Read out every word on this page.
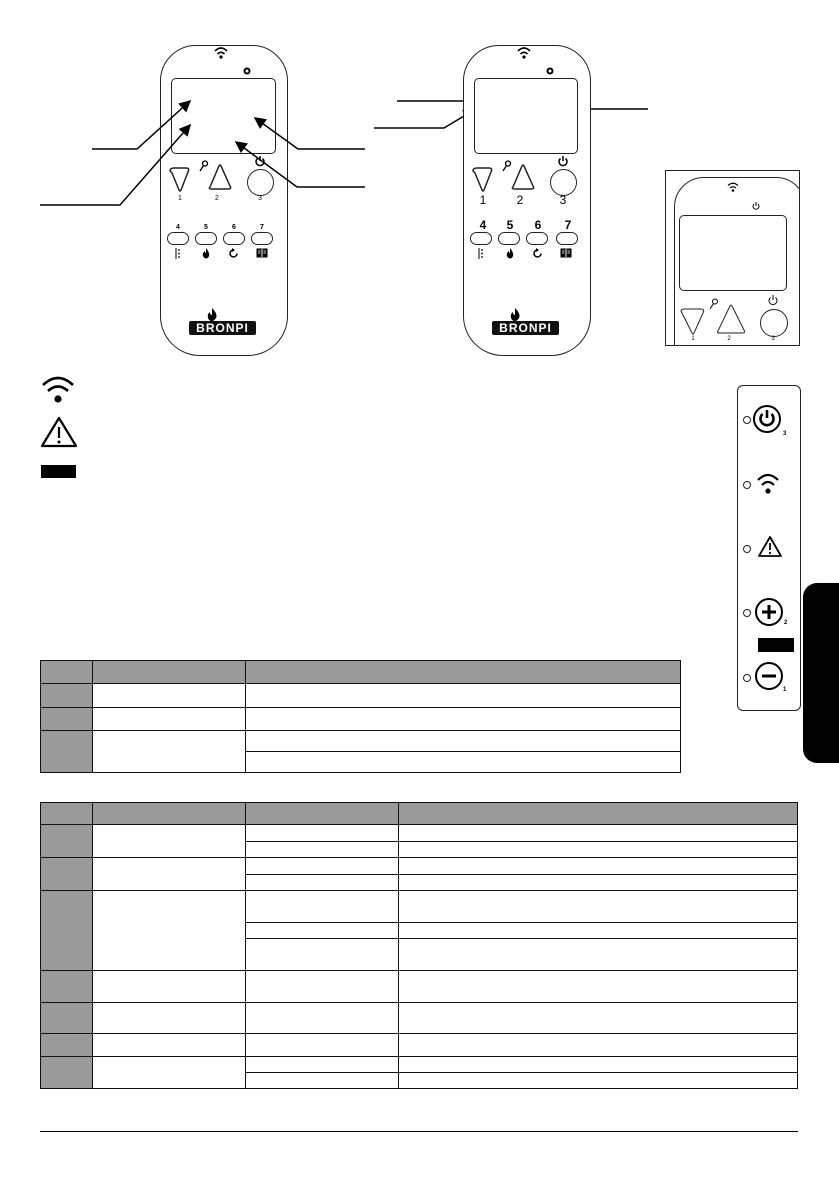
1	2	3
4	5	6	7
BRONPI
1	2	3
4	5	6	7
BRONPI
1	2	3
3
2
1
